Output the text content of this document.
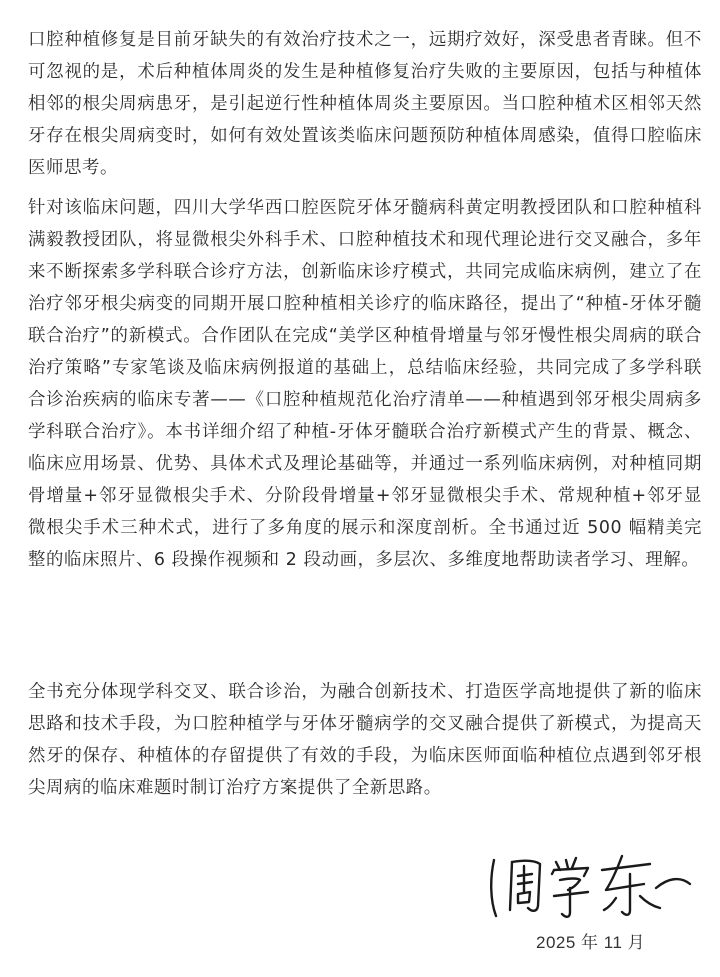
口腔种植修复是目前牙缺失的有效治疗技术之一，远期疗效好，深受患者青睐。但不可忽视的是，术后种植体周炎的发生是种植修复治疗失败的主要原因，包括与种植体相邻的根尖周病患牙，是引起逆行性种植体周炎主要原因。当口腔种植术区相邻天然牙存在根尖周病变时，如何有效处置该类临床问题预防种植体周感染，值得口腔临床医师思考。

针对该临床问题，四川大学华西口腔医院牙体牙髓病科黄定明教授团队和口腔种植科满毅教授团队，将显微根尖外科手术、口腔种植技术和现代理论进行交叉融合，多年来不断探索多学科联合诊疗方法，创新临床诊疗模式，共同完成临床病例，建立了在治疗邻牙根尖病变的同期开展口腔种植相关诊疗的临床路径，提出了“种植-牙体牙髓联合治疗”的新模式。合作团队在完成“美学区种植骨增量与邻牙慢性根尖周病的联合治疗策略”专家笔谈及临床病例报道的基础上，总结临床经验，共同完成了多学科联合诊治疾病的临床专著——《口腔种植规范化治疗清单——种植遇到邻牙根尖周病多学科联合治疗》。本书详细介绍了种植-牙体牙髓联合治疗新模式产生的背景、概念、临床应用场景、优势、具体术式及理论基础等，并通过一系列临床病例，对种植同期骨增量+邻牙显微根尖手术、分阶段骨增量+邻牙显微根尖手术、常规种植+邻牙显微根尖手术三种术式，进行了多角度的展示和深度剖析。全书通过近 500 幅精美完整的临床照片、6 段操作视频和 2 段动画，多层次、多维度地帮助读者学习、理解。

全书充分体现学科交叉、联合诊治，为融合创新技术、打造医学高地提供了新的临床思路和技术手段，为口腔种植学与牙体牙髓病学的交叉融合提供了新模式，为提高天然牙的保存、种植体的存留提供了有效的手段，为临床医师面临种植位点遇到邻牙根尖周病的临床难题时制订治疗方案提供了全新思路。

2025 年 11 月
